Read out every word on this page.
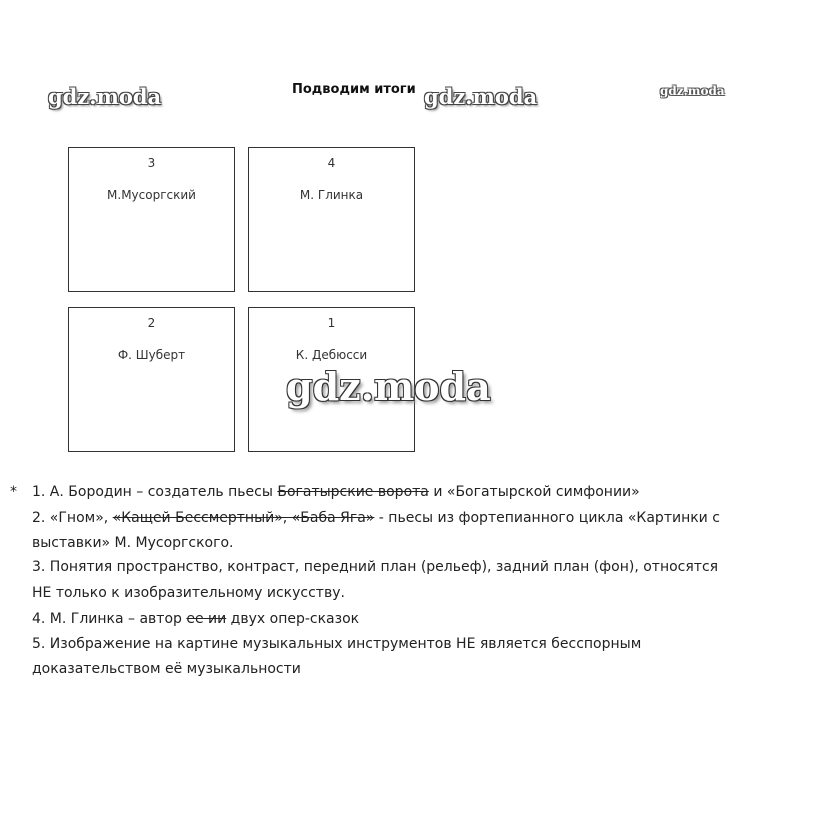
Подводим итоги
gdz.moda	gdz.moda	gdz.moda
3
М.Мусоргский
4
М. Глинка
2
Ф. Шуберт
1
К. Дебюсси
gdz.moda
* 1. А. Бородин – создатель пьесы Богатырские ворота и «Богатырской симфонии»
2. «Гном», «Кащей Бессмертный», «Баба Яга» - пьесы из фортепианного цикла «Картинки с
выставки» М. Мусоргского.
3. Понятия пространство, контраст, передний план (рельеф), задний план (фон), относятся
НЕ только к изобразительному искусству.
4. М. Глинка – автор ее ии двух опер-сказок
5. Изображение на картине музыкальных инструментов НЕ является бесспорным
доказательством её музыкальности
